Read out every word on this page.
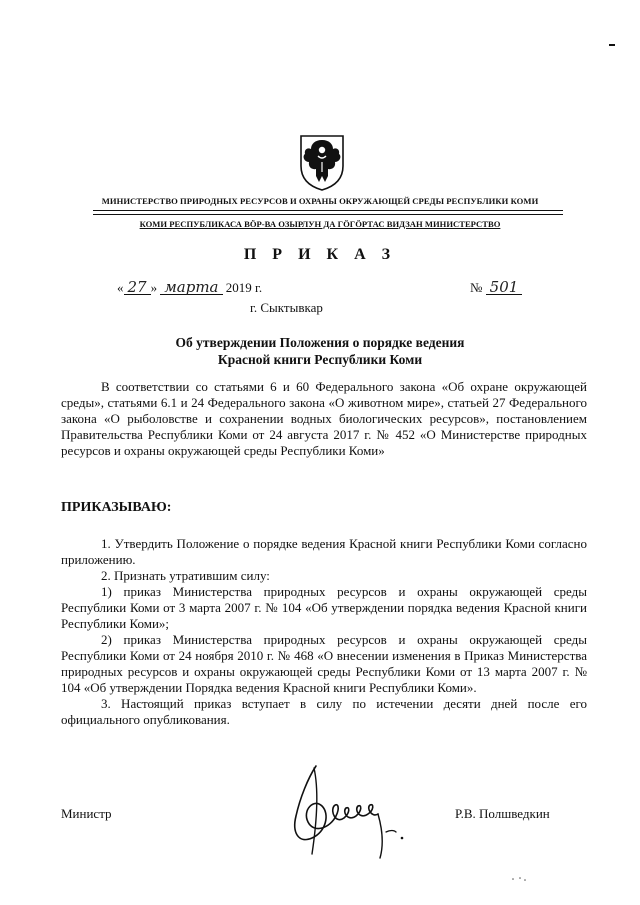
МИНИСТЕРСТВО ПРИРОДНЫХ РЕСУРСОВ И ОХРАНЫ ОКРУЖАЮЩЕЙ СРЕДЫ РЕСПУБЛИКИ КОМИ
КОМИ РЕСПУБЛИКАСА ВӦР-ВА ОЗЫРЛУН ДА ГӦГӦРТАС ВИДЗАН МИНИСТЕРСТВО
П Р И К А З
« 27 » марта 2019 г.	№ 501
г. Сыктывкар
Об утверждении Положения о порядке ведения
Красной книги Республики Коми

В соответствии со статьями 6 и 60 Федерального закона «Об охране окружающей среды», статьями 6.1 и 24 Федерального закона «О животном мире», статьей 27 Федерального закона «О рыболовстве и сохранении водных биологических ресурсов», постановлением Правительства Республики Коми от 24 августа 2017 г. № 452 «О Министерстве природных ресурсов и охраны окружающей среды Республики Коми»

ПРИКАЗЫВАЮ:

1. Утвердить Положение о порядке ведения Красной книги Республики Коми согласно приложению.

2. Признать утратившим силу:

1) приказ Министерства природных ресурсов и охраны окружающей среды Республики Коми от 3 марта 2007 г. № 104 «Об утверждении порядка ведения Красной книги Республики Коми»;

2) приказ Министерства природных ресурсов и охраны окружающей среды Республики Коми от 24 ноября 2010 г. № 468 «О внесении изменения в Приказ Министерства природных ресурсов и охраны окружающей среды Республики Коми от 13 марта 2007 г. № 104 «Об утверждении Порядка ведения Красной книги Республики Коми».

3. Настоящий приказ вступает в силу по истечении десяти дней после его официального опубликования.

Министр	Р.В. Полшведкин
